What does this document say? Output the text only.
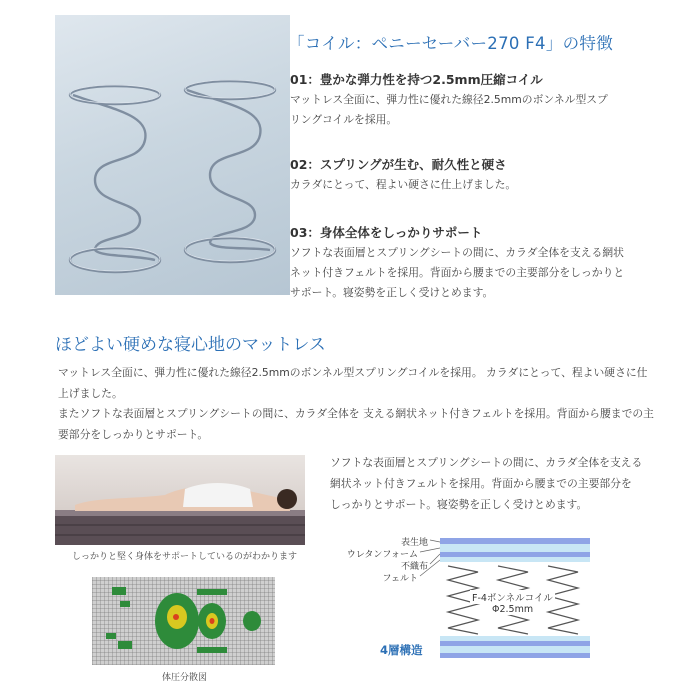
「コイル：ペニーセーバー270 F4」の特徴
01：豊かな弾力性を持つ2.5mm圧縮コイル
マットレス全面に、弾力性に優れた線径2.5mmのボンネル型スプ
リングコイルを採用。
02：スプリングが生む、耐久性と硬さ
カラダにとって、程よい硬さに仕上げました。
03：身体全体をしっかりサポート
ソフトな表面層とスプリングシートの間に、カラダ全体を支える網状
ネット付きフェルトを採用。背面から腰までの主要部分をしっかりと
サポート。寝姿勢を正しく受けとめます。
ほどよい硬めな寝心地のマットレス

マットレス全面に、弾力性に優れた線径2.5mmのボンネル型スプリングコイルを採用。 カラダにとって、程よい硬さに仕上げました。

またソフトな表面層とスプリングシートの間に、カラダ全体を 支える網状ネット付きフェルトを採用。背面から腰までの主要部分をしっかりとサポート。

しっかりと堅く身体をサポートしているのがわかります
体圧分散図

ソフトな表面層とスプリングシートの間に、カラダ全体を支える

網状ネット付きフェルトを採用。背面から腰までの主要部分を

しっかりとサポート。寝姿勢を正しく受けとめます。

表生地
ウレタンフォーム
不織布
フェルト
F-4ボンネルコイル
Φ2.5mm
4層構造
